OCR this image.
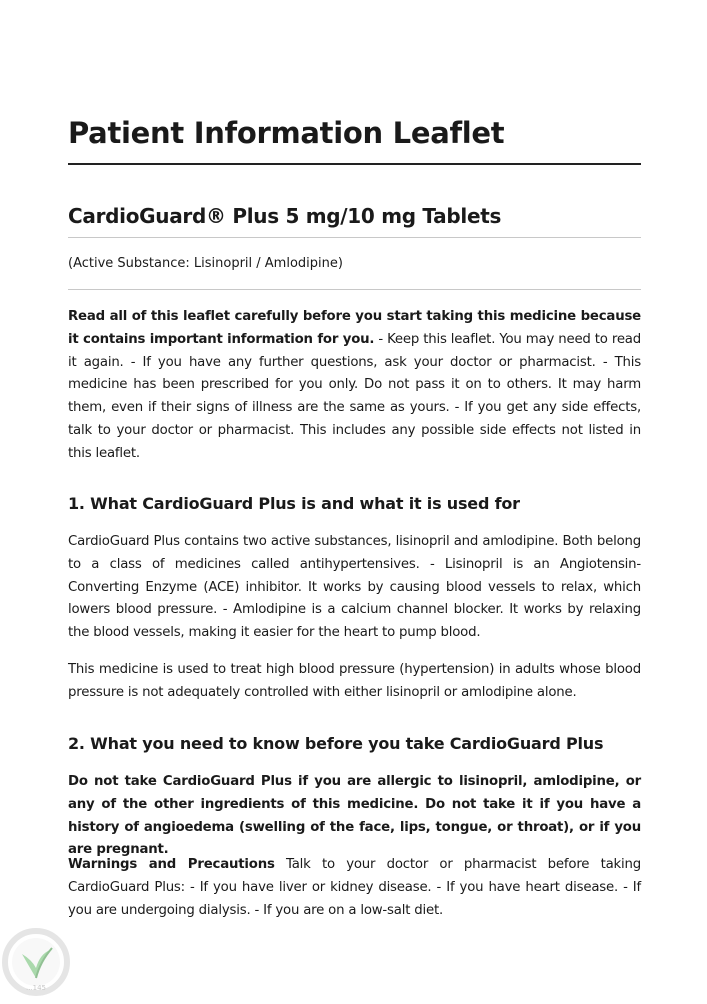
Patient Information Leaflet
CardioGuard® Plus 5 mg/10 mg Tablets

(Active Substance: Lisinopril / Amlodipine)

Read all of this leaflet carefully before you start taking this medicine because it contains important information for you. - Keep this leaflet. You may need to read it again. - If you have any further questions, ask your doctor or pharmacist. - This medicine has been prescribed for you only. Do not pass it on to others. It may harm them, even if their signs of illness are the same as yours. - If you get any side effects, talk to your doctor or pharmacist. This includes any possible side effects not listed in this leaflet.

1. What CardioGuard Plus is and what it is used for

CardioGuard Plus contains two active substances, lisinopril and amlodipine. Both belong to a class of medicines called antihypertensives. - Lisinopril is an Angiotensin-Converting Enzyme (ACE) inhibitor. It works by causing blood vessels to relax, which lowers blood pressure. - Amlodipine is a calcium channel blocker. It works by relaxing the blood vessels, making it easier for the heart to pump blood.

This medicine is used to treat high blood pressure (hypertension) in adults whose blood pressure is not adequately controlled with either lisinopril or amlodipine alone.

2. What you need to know before you take CardioGuard Plus

Do not take CardioGuard Plus if you are allergic to lisinopril, amlodipine, or any of the other ingredients of this medicine. Do not take it if you have a history of angioedema (swelling of the face, lips, tongue, or throat), or if you are pregnant.

Warnings and Precautions Talk to your doctor or pharmacist before taking CardioGuard Plus: - If you have liver or kidney disease. - If you have heart disease. - If you are undergoing dialysis. - If you are on a low-salt diet.

...145
